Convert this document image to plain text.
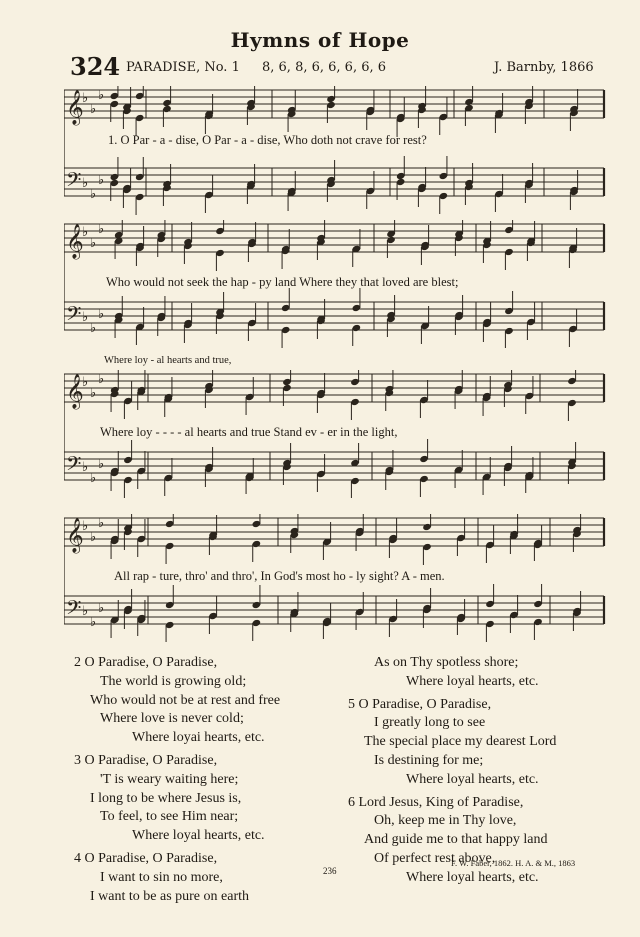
Hymns of Hope
324 PARADISE, No. 1 8, 6, 8, 6, 6, 6, 6, 6	J. Barnby, 1866
𝄞
♭
♭
♭
𝄢 ♭
♭
♭
1. O Par - a - dise, O Par - a - dise, Who doth not crave for rest?
𝄞
♭
♭
♭
𝄢 ♭
♭
♭
Who would not seek the hap - py land Where they that loved are blest;
Where loy - al hearts and true,
𝄞
♭
♭
♭
𝄢 ♭
♭
♭
Where loy - - - - al hearts and true Stand ev - er in the light,
𝄞
♭
♭
♭
𝄢 ♭
♭
♭
All rap - ture, thro' and thro', In God's most ho - ly sight? A - men.
2 O Paradise, O Paradise,
The world is growing old;
Who would not be at rest and free
Where love is never cold;
Where loyai hearts, etc.
3 O Paradise, O Paradise,
'T is weary waiting here;
I long to be where Jesus is,
To feel, to see Him near;
Where loyal hearts, etc.
4 O Paradise, O Paradise,
I want to sin no more,
I want to be as pure on earth
As on Thy spotless shore;
Where loyal hearts, etc.
5 O Paradise, O Paradise,
I greatly long to see
The special place my dearest Lord
Is destining for me;
Where loyal hearts, etc.
6 Lord Jesus, King of Paradise,
Oh, keep me in Thy love,
And guide me to that happy land
Of perfect rest above,
Where loyal hearts, etc.
236
F. W. Faber, 1862. H. A. & M., 1863
